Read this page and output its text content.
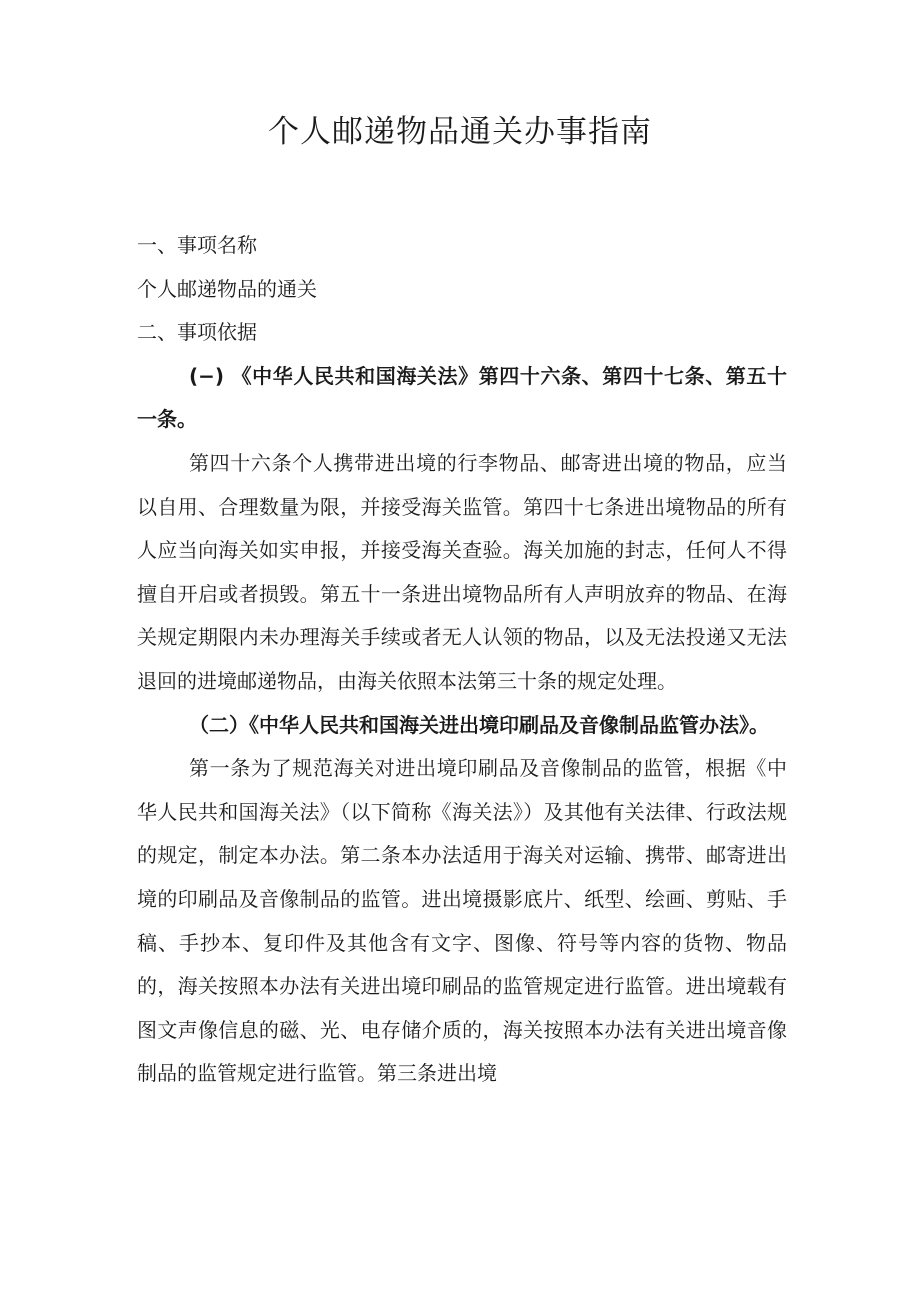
个人邮递物品通关办事指南

一、事项名称

个人邮递物品的通关

二、事项依据

(−) 《中华人民共和国海关法》第四十六条、第四十七条、第五十一条。

第四十六条个人携带进出境的行李物品、邮寄进出境的物品，应当以自用、合理数量为限，并接受海关监管。第四十七条进出境物品的所有人应当向海关如实申报，并接受海关查验。海关加施的封志，任何人不得擅自开启或者损毁。第五十一条进出境物品所有人声明放弃的物品、在海关规定期限内未办理海关手续或者无人认领的物品，以及无法投递又无法退回的进境邮递物品，由海关依照本法第三十条的规定处理。

（二）《中华人民共和国海关进出境印刷品及音像制品监管办法》。

第一条为了规范海关对进出境印刷品及音像制品的监管，根据《中华人民共和国海关法》（以下简称《海关法》）及其他有关法律、行政法规的规定，制定本办法。第二条本办法适用于海关对运输、携带、邮寄进出境的印刷品及音像制品的监管。进出境摄影底片、纸型、绘画、剪贴、手稿、手抄本、复印件及其他含有文字、图像、符号等内容的货物、物品的，海关按照本办法有关进出境印刷品的监管规定进行监管。进出境载有图文声像信息的磁、光、电存储介质的，海关按照本办法有关进出境音像制品的监管规定进行监管。第三条进出境
